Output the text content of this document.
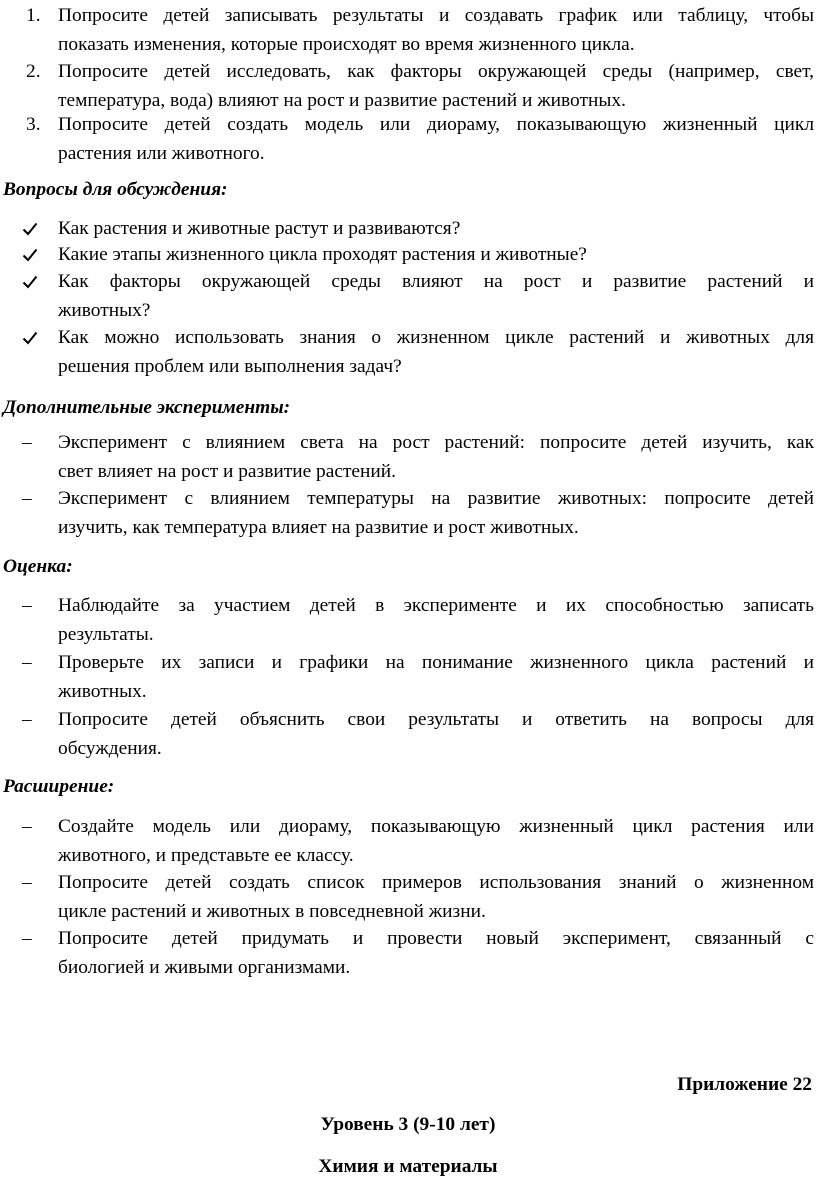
1. Попросите детей записывать результаты и создавать график или таблицу, чтобы
показать изменения, которые происходят во время жизненного цикла.

2. Попросите детей исследовать, как факторы окружающей среды (например, свет,
температура, вода) влияют на рост и развитие растений и животных.

3. Попросите детей создать модель или диораму, показывающую жизненный цикл
растения или животного.

Вопросы для обсуждения:

Как растения и животные растут и развиваются?

Какие этапы жизненного цикла проходят растения и животные?

Как факторы окружающей среды влияют на рост и развитие растений и
животных?

Как можно использовать знания о жизненном цикле растений и животных для
решения проблем или выполнения задач?

Дополнительные эксперименты:
– Эксперимент с влиянием света на рост растений: попросите детей изучить, как
свет влияет на рост и развитие растений.

– Эксперимент с влиянием температуры на развитие животных: попросите детей
изучить, как температура влияет на развитие и рост животных.

Оценка:
– Наблюдайте за участием детей в эксперименте и их способностью записать
результаты.

– Проверьте их записи и графики на понимание жизненного цикла растений и
животных.

– Попросите детей объяснить свои результаты и ответить на вопросы для
обсуждения.

Расширение:
– Создайте модель или диораму, показывающую жизненный цикл растения или
животного, и представьте ее классу.

– Попросите детей создать список примеров использования знаний о жизненном
цикле растений и животных в повседневной жизни.

– Попросите детей придумать и провести новый эксперимент, связанный с
биологией и живыми организмами.

Приложение 22
Уровень 3 (9-10 лет)
Химия и материалы
